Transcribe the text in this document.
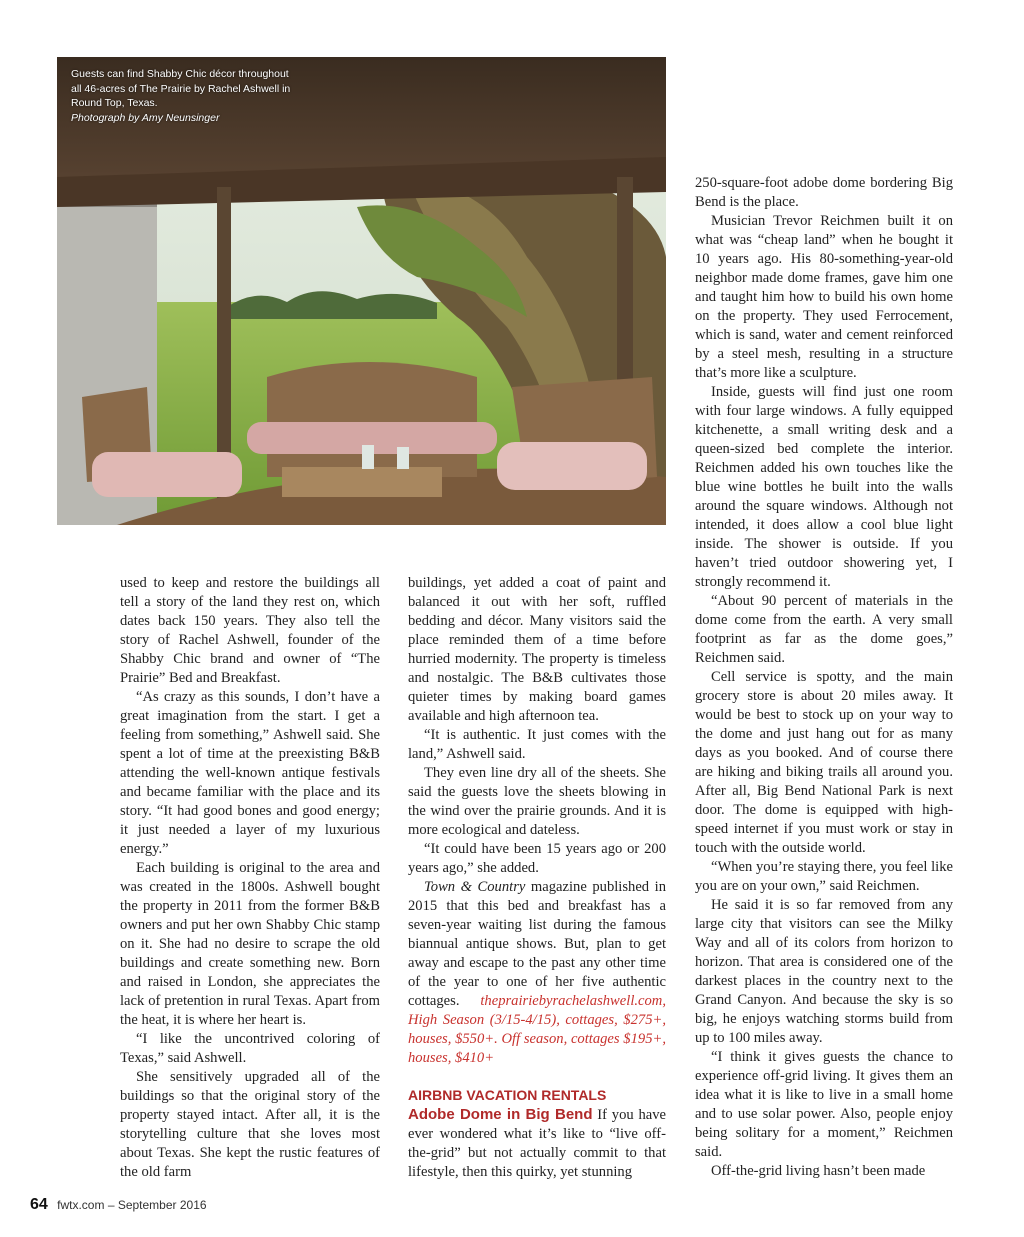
Guests can find Shabby Chic décor throughout all 46-acres of The Prairie by Rachel Ashwell in Round Top, Texas.
Photograph by Amy Neunsinger

used to keep and restore the buildings all tell a story of the land they rest on, which dates back 150 years. They also tell the story of Rachel Ashwell, founder of the Shabby Chic brand and owner of “The Prairie” Bed and Breakfast.

“As crazy as this sounds, I don’t have a great imagination from the start. I get a feeling from something,” Ashwell said. She spent a lot of time at the preexisting B&B attending the well-known antique festivals and became familiar with the place and its story. “It had good bones and good energy; it just needed a layer of my luxurious energy.”

Each building is original to the area and was created in the 1800s. Ashwell bought the property in 2011 from the former B&B owners and put her own Shabby Chic stamp on it. She had no desire to scrape the old buildings and create something new. Born and raised in London, she appreciates the lack of pretention in rural Texas. Apart from the heat, it is where her heart is.

“I like the uncontrived coloring of Texas,” said Ashwell.

She sensitively upgraded all of the buildings so that the original story of the property stayed intact. After all, it is the storytelling culture that she loves most about Texas. She kept the rustic features of the old farm

buildings, yet added a coat of paint and balanced it out with her soft, ruffled bedding and décor. Many visitors said the place reminded them of a time before hurried modernity. The property is timeless and nostalgic. The B&B cultivates those quieter times by making board games available and high afternoon tea.

“It is authentic. It just comes with the land,” Ashwell said.

They even line dry all of the sheets. She said the guests love the sheets blowing in the wind over the prairie grounds. And it is more ecological and dateless.

“It could have been 15 years ago or 200 years ago,” she added.

Town & Country magazine published in 2015 that this bed and breakfast has a seven-year waiting list during the famous biannual antique shows. But, plan to get away and escape to the past any other time of the year to one of her five authentic cottages. theprairiebyrachelashwell.com, High Season (3/15-4/15), cottages, $275+, houses, $550+. Off season, cottages $195+, houses, $410+

AIRBNB VACATION RENTALS

Adobe Dome in Big Bend If you have ever wondered what it’s like to “live off-the-grid” but not actually commit to that lifestyle, then this quirky, yet stunning

250-square-foot adobe dome bordering Big Bend is the place.

Musician Trevor Reichmen built it on what was “cheap land” when he bought it 10 years ago. His 80-something-year-old neighbor made dome frames, gave him one and taught him how to build his own home on the property. They used Ferrocement, which is sand, water and cement reinforced by a steel mesh, resulting in a structure that’s more like a sculpture.

Inside, guests will find just one room with four large windows. A fully equipped kitchenette, a small writing desk and a queen-sized bed complete the interior. Reichmen added his own touches like the blue wine bottles he built into the walls around the square windows. Although not intended, it does allow a cool blue light inside. The shower is outside. If you haven’t tried outdoor showering yet, I strongly recommend it.

“About 90 percent of materials in the dome come from the earth. A very small footprint as far as the dome goes,” Reichmen said.

Cell service is spotty, and the main grocery store is about 20 miles away. It would be best to stock up on your way to the dome and just hang out for as many days as you booked. And of course there are hiking and biking trails all around you. After all, Big Bend National Park is next door. The dome is equipped with high-speed internet if you must work or stay in touch with the outside world.

“When you’re staying there, you feel like you are on your own,” said Reichmen.

He said it is so far removed from any large city that visitors can see the Milky Way and all of its colors from horizon to horizon. That area is considered one of the darkest places in the country next to the Grand Canyon. And because the sky is so big, he enjoys watching storms build from up to 100 miles away.

“I think it gives guests the chance to experience off-grid living. It gives them an idea what it is like to live in a small home and to use solar power. Also, people enjoy being solitary for a moment,” Reichmen said.

Off-the-grid living hasn’t been made

64 fwtx.com – September 2016
